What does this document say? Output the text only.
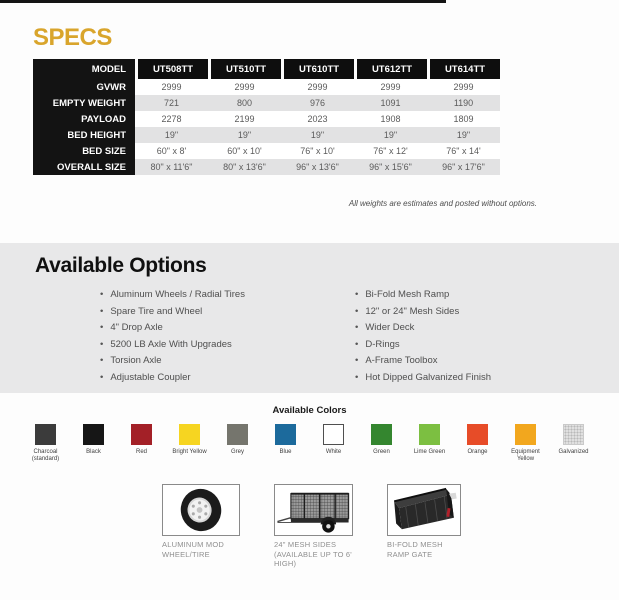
SPECS
MODEL	UT508TT	UT510TT	UT610TT	UT612TT	UT614TT
GVWR	2999	2999	2999	2999	2999
EMPTY WEIGHT	721	800	976	1091	1190
PAYLOAD	2278	2199	2023	1908	1809
BED HEIGHT	19"	19"	19"	19"	19"
BED SIZE	60" x 8'	60" x 10'	76" x 10'	76" x 12'	76" x 14'
OVERALL SIZE	80" x 11'6"	80" x 13'6"	96" x 13'6"	96" x 15'6"	96" x 17'6"
All weights are estimates and posted without options.
Available Options
• Aluminum Wheels / Radial Tires
• Spare Tire and Wheel
• 4" Drop Axle
• 5200 LB Axle With Upgrades
• Torsion Axle
• Adjustable Coupler
• Bi-Fold Mesh Ramp
• 12" or 24" Mesh Sides
• Wider Deck
• D-Rings
• A-Frame Toolbox
• Hot Dipped Galvanized Finish
Available Colors
Charcoal (standard)
Black	Red	Bright Yellow	Grey	Blue	White	Green	Lime Green	Orange	Equipment Yellow
Galvanized
ALUMINUM MOD WHEEL/TIRE
24" MESH SIDES (AVAILABLE UP TO 6' HIGH)
BI-FOLD MESH RAMP GATE
